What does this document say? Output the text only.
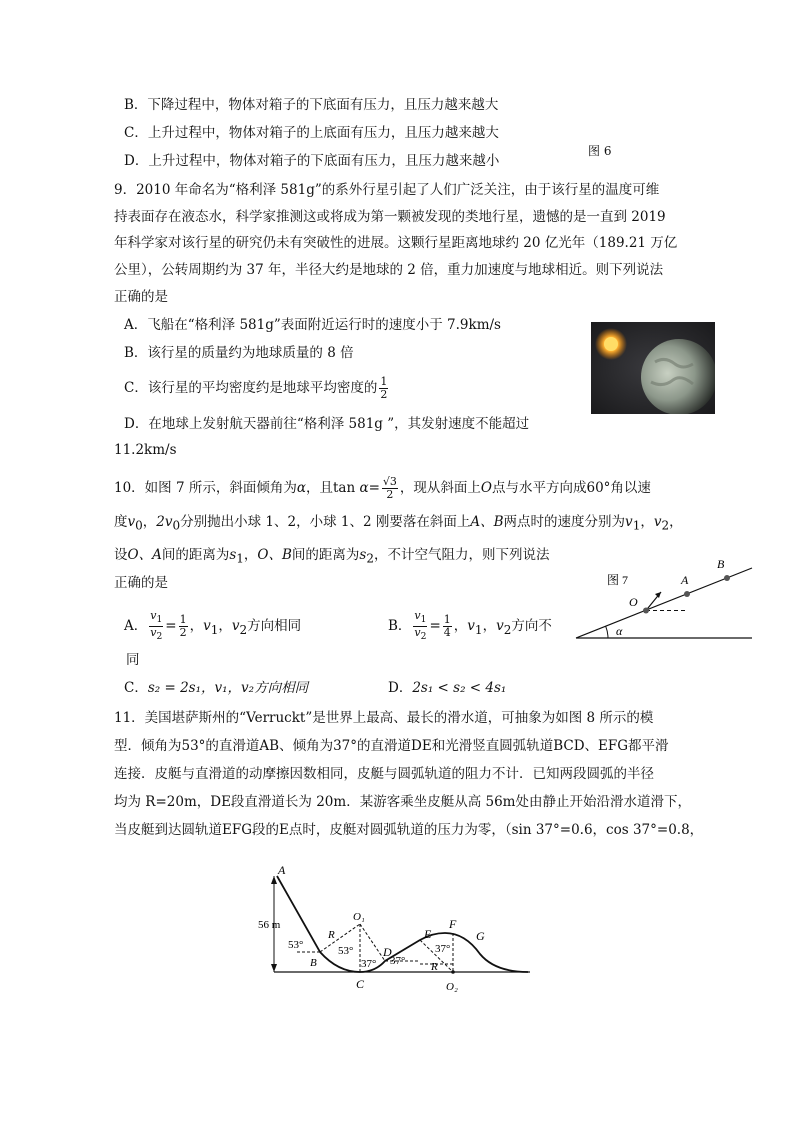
B．下降过程中，物体对箱子的下底面有压力，且压力越来越大
C．上升过程中，物体对箱子的上底面有压力，且压力越来越大
D．上升过程中，物体对箱子的下底面有压力，且压力越来越小
图 6
9．2010 年命名为“格利泽 581g”的系外行星引起了人们广泛关注，由于该行星的温度可维
持表面存在液态水，科学家推测这或将成为第一颗被发现的类地行星，遗憾的是一直到 2019
年科学家对该行星的研究仍未有突破性的进展。这颗行星距离地球约 20 亿光年（189.21 万亿
公里），公转周期约为 37 年，半径大约是地球的 2 倍，重力加速度与地球相近。则下列说法
正确的是
A．飞船在“格利泽 581g”表面附近运行时的速度小于 7.9km/s
B．该行星的质量约为地球质量的 8 倍
C．该行星的平均密度约是地球平均密度的 $\frac{1}{2}$
D．在地球上发射航天器前往“格利泽 581g ”，其发射速度不能超过
11.2km/s
10．如图 7 所示，斜面倾角为α，且$\tan \alpha= \frac{√3}{2}$ ，现从斜面上O点与水平方向成60°角以速
度$v_0$，$2v_0$分别抛出小球 1、2，小球 1、2 刚要落在斜面上A、B两点时的速度分别为$v_1$，$v_2$，
设O、A间的距离为$s_1$，O、B间的距离为$s_2$，不计空气阻力，则下列说法
正确的是
A． $\frac{v_1}{v_2} = \frac{1}{2}$ ，$v_1$，$v_2$方向相同	B． $\frac{v_1}{v_2} = \frac{1}{4}$ ，$v_1$，$v_2$方向不
同
C．s₂ = 2s₁，v₁，v₂方向相同	D．2s₁ < s₂ < 4s₁
图 7
α
O
A
B
11．美国堪萨斯州的“Verruckt”是世界上最高、最长的滑水道，可抽象为如图 8 所示的模
型．倾角为53°的直滑道AB、倾角为37°的直滑道DE和光滑竖直圆弧轨道BCD、EFG都平滑
连接．皮艇与直滑道的动摩擦因数相同，皮艇与圆弧轨道的阻力不计．已知两段圆弧的半径
均为 R=20m，DE段直滑道长为 20m．某游客乘坐皮艇从高 56m处由静止开始沿滑水道滑下，
当皮艇到达圆轨道EFG段的E点时，皮艇对圆弧轨道的压力为零，（sin 37°=0.6，cos 37°=0.8，
A
56 m
53°
B
R
O₁
53°
37°
C
D
37°
E
F
G
37°
R
O₂
